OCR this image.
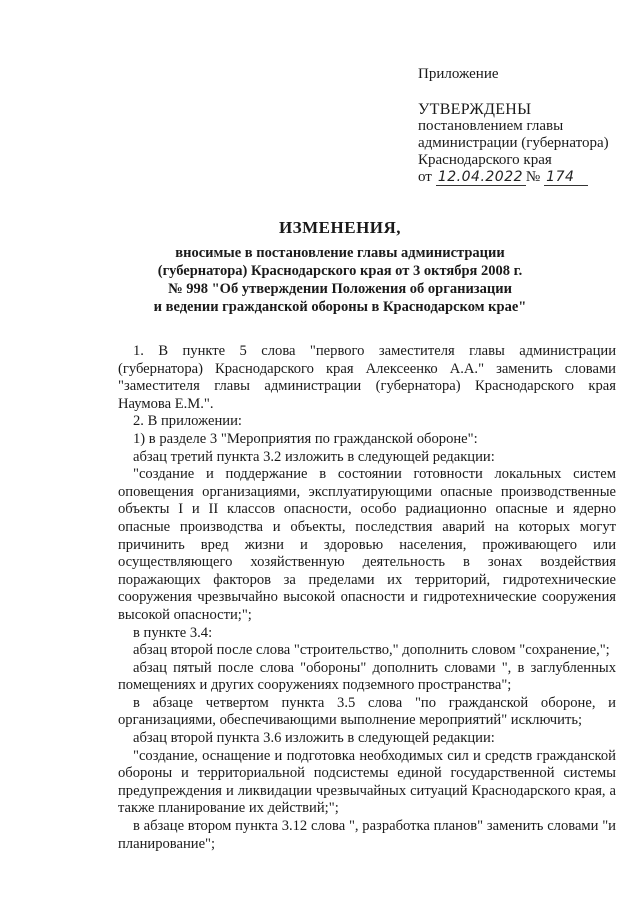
Приложение
УТВЕРЖДЕНЫ
постановлением главы
администрации (губернатора)
Краснодарского края
от 12.04.2022 № 174
ИЗМЕНЕНИЯ,
вносимые в постановление главы администрации
(губернатора) Краснодарского края от 3 октября 2008 г.
№ 998 "Об утверждении Положения об организации
и ведении гражданской обороны в Краснодарском крае"

1. В пункте 5 слова "первого заместителя главы администрации (губернатора) Краснодарского края Алексеенко А.А." заменить словами "заместителя главы администрации (губернатора) Краснодарского края Наумова Е.М.".

2. В приложении:

1) в разделе 3 "Мероприятия по гражданской обороне":

абзац третий пункта 3.2 изложить в следующей редакции:

"создание и поддержание в состоянии готовности локальных систем оповещения организациями, эксплуатирующими опасные производственные объекты I и II классов опасности, особо радиационно опасные и ядерно опасные производства и объекты, последствия аварий на которых могут причинить вред жизни и здоровью населения, проживающего или осуществляющего хозяйственную деятельность в зонах воздействия поражающих факторов за пределами их территорий, гидротехнические сооружения чрезвычайно высокой опасности и гидротехнические сооружения высокой опасности;";

в пункте 3.4:

абзац второй после слова "строительство," дополнить словом "сохранение,";

абзац пятый после слова "обороны" дополнить словами ", в заглубленных помещениях и других сооружениях подземного пространства";

в абзаце четвертом пункта 3.5 слова "по гражданской обороне, и организациями, обеспечивающими выполнение мероприятий" исключить;

абзац второй пункта 3.6 изложить в следующей редакции:

"создание, оснащение и подготовка необходимых сил и средств гражданской обороны и территориальной подсистемы единой государственной системы предупреждения и ликвидации чрезвычайных ситуаций Краснодарского края, а также планирование их действий;";

в абзаце втором пункта 3.12 слова ", разработка планов" заменить словами "и планирование";
